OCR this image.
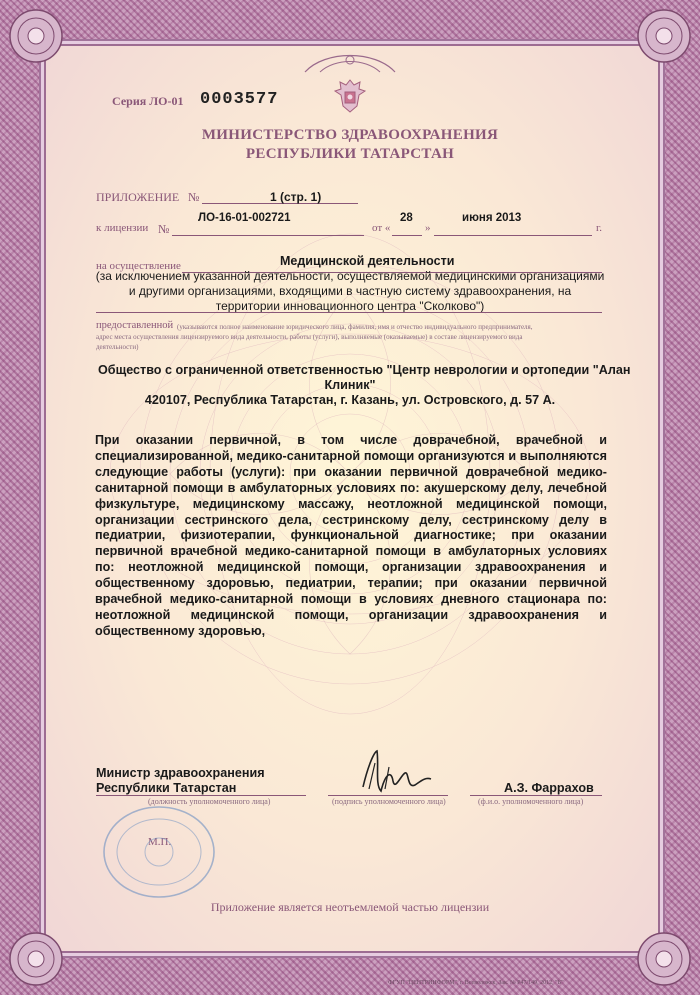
Серия ЛО-01 0003577
МИНИСТЕРСТВО ЗДРАВООХРАНЕНИЯ
РЕСПУБЛИКИ ТАТАРСТАН
ПРИЛОЖЕНИЕ №	1 (стр. 1)
к лицензии №
ЛО-16-01-002721
от «
28
»
июня 2013
г.
на осуществление	Медицинской деятельности
(за исключением указанной деятельности, осуществляемой медицинскими организациями
и другими организациями, входящими в частную систему здравоохранения, на
территории инновационного центра "Сколково")
предоставленной (указываются полное наименование юридического лица, фамилия, имя и отчество индивидуального предпринимателя,
адрес места осуществления лицензируемого вида деятельности, работы (услуги), выполняемые (оказываемые) в составе лицензируемого вида
деятельности)
Общество с ограниченной ответственностью "Центр неврологии и ортопедии "Алан
Клиник"
420107, Республика Татарстан, г. Казань, ул. Островского, д. 57 А.
При оказании первичной, в том числе доврачебной, врачебной и специализированной, медико-санитарной помощи организуются и выполняются следующие работы (услуги): при оказании первичной доврачебной медико-санитарной помощи в амбулаторных условиях по: акушерскому делу, лечебной физкультуре, медицинскому массажу, неотложной медицинской помощи, организации сестринского дела, сестринскому делу, сестринскому делу в педиатрии, физиотерапии, функциональной диагностике; при оказании первичной врачебной медико-санитарной помощи в амбулаторных условиях по: неотложной медицинской помощи, организации здравоохранения и общественному здоровью, педиатрии, терапии; при оказании первичной врачебной медико-санитарной помощи в условиях дневного стационара по: неотложной медицинской помощи, организации здравоохранения и общественному здоровью,
Министр здравоохранения
Республики Татарстан
(должность уполномоченного лица)	(подпись уполномоченного лица)
А.З. Фаррахов
(ф.и.о. уполномоченного лица)
М.П.
Приложение является неотъемлемой частью лицензии
ФГУП "ЦЕНТРИНФОРМ", г. Всеволожск, Зак. № Р47/149, 2012, "Б"
